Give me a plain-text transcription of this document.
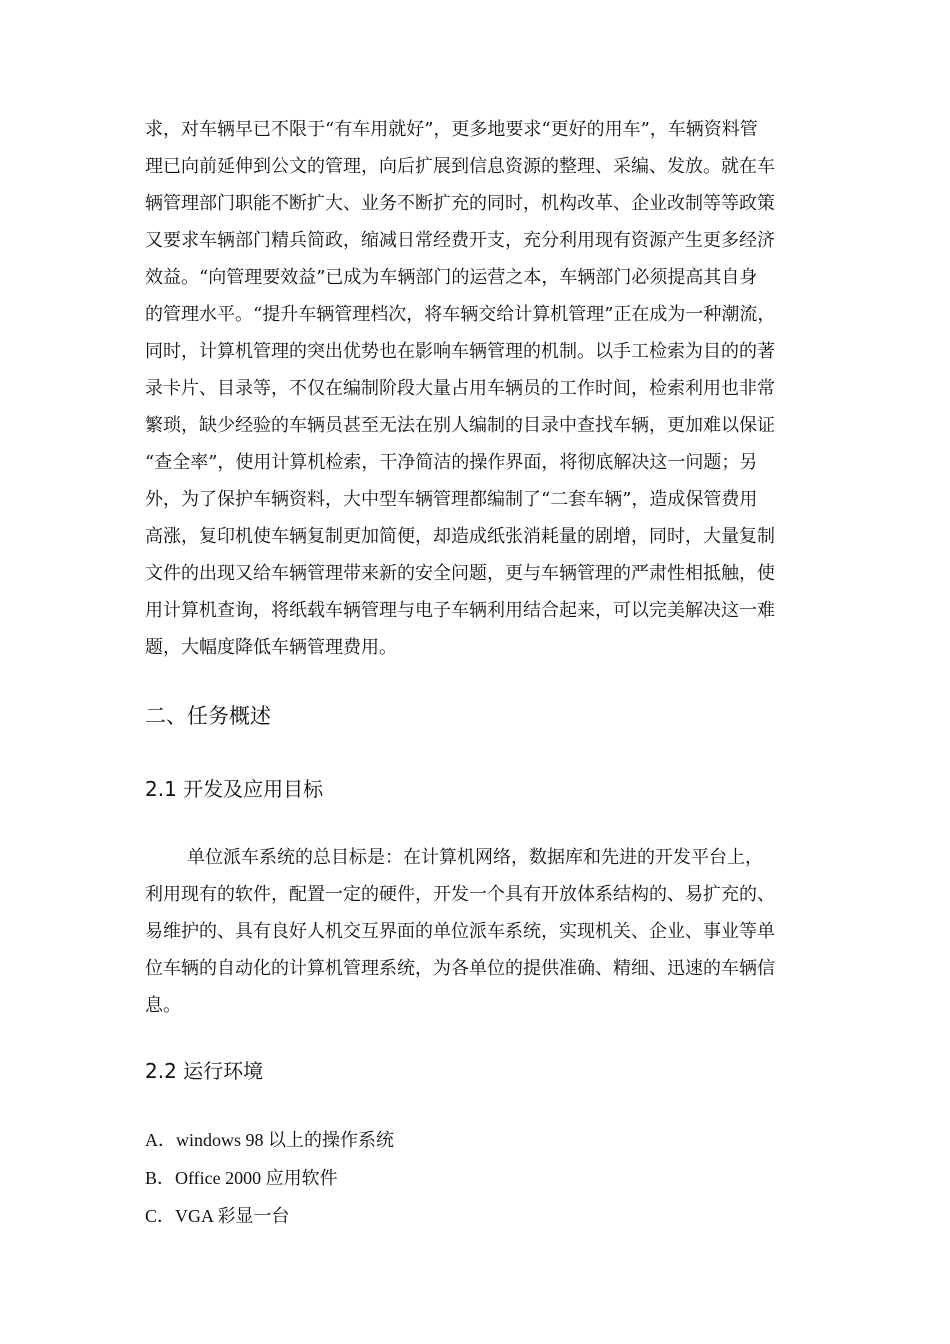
求，对车辆早已不限于“有车用就好”，更多地要求“更好的用车”，车辆资料管
理已向前延伸到公文的管理，向后扩展到信息资源的整理、采编、发放。就在车
辆管理部门职能不断扩大、业务不断扩充的同时，机构改革、企业改制等等政策
又要求车辆部门精兵简政，缩减日常经费开支，充分利用现有资源产生更多经济
效益。“向管理要效益”已成为车辆部门的运营之本，车辆部门必须提高其自身
的管理水平。“提升车辆管理档次，将车辆交给计算机管理”正在成为一种潮流，
同时，计算机管理的突出优势也在影响车辆管理的机制。以手工检索为目的的著
录卡片、目录等，不仅在编制阶段大量占用车辆员的工作时间，检索利用也非常
繁琐，缺少经验的车辆员甚至无法在别人编制的目录中查找车辆，更加难以保证
“查全率”，使用计算机检索，干净简洁的操作界面，将彻底解决这一问题；另
外，为了保护车辆资料，大中型车辆管理都编制了“二套车辆”，造成保管费用
高涨，复印机使车辆复制更加简便，却造成纸张消耗量的剧增，同时，大量复制
文件的出现又给车辆管理带来新的安全问题，更与车辆管理的严肃性相抵触，使
用计算机查询，将纸载车辆管理与电子车辆利用结合起来，可以完美解决这一难
题，大幅度降低车辆管理费用。
二、任务概述
2.1 开发及应用目标
单位派车系统的总目标是：在计算机网络，数据库和先进的开发平台上，
利用现有的软件，配置一定的硬件，开发一个具有开放体系结构的、易扩充的、
易维护的、具有良好人机交互界面的单位派车系统，实现机关、企业、事业等单
位车辆的自动化的计算机管理系统，为各单位的提供准确、精细、迅速的车辆信
息。
2.2 运行环境
A．windows 98 以上的操作系统
B．Office 2000 应用软件
C．VGA 彩显一台
